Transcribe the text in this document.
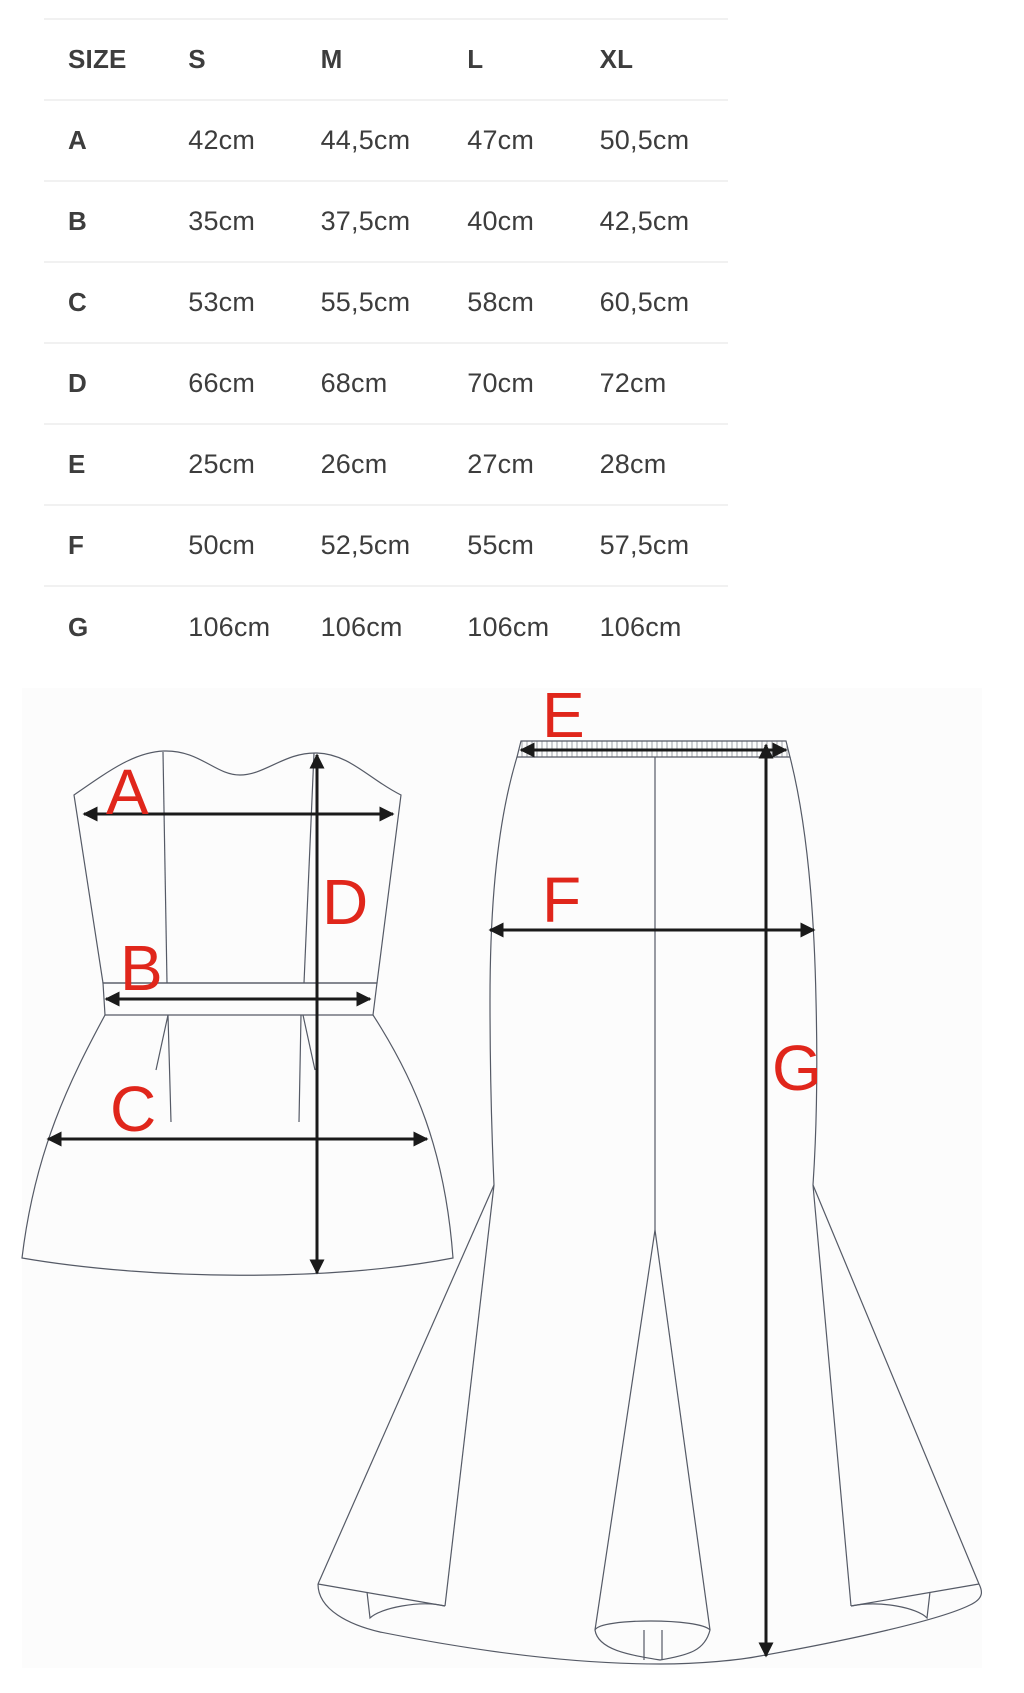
SIZE	S	M	L	XL
A	42cm	44,5cm	47cm	50,5cm
B	35cm	37,5cm	40cm	42,5cm
C	53cm	55,5cm	58cm	60,5cm
D	66cm	68cm	70cm	72cm
E	25cm	26cm	27cm	28cm
F	50cm	52,5cm	55cm	57,5cm
G	106cm	106cm	106cm	106cm
A
B
C
D
E
F
G
